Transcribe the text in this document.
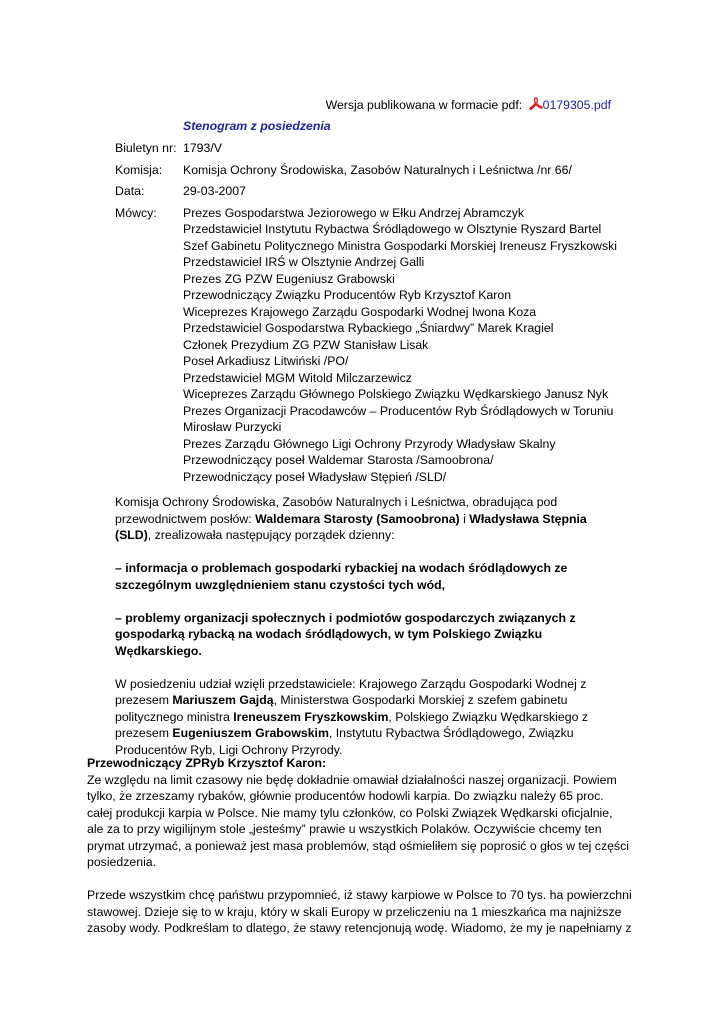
Wersja publikowana w formacie pdf: 0179305.pdf
Stenogram z posiedzenia
Biuletyn nr: 1793/V
Komisja:	Komisja Ochrony Środowiska, Zasobów Naturalnych i Leśnictwa /nr 66/
Data:	29-03-2007
Mówcy:	Prezes Gospodarstwa Jeziorowego w Ełku Andrzej Abramczyk
Przedstawiciel Instytutu Rybactwa Śródlądowego w Olsztynie Ryszard Bartel
Szef Gabinetu Politycznego Ministra Gospodarki Morskiej Ireneusz Fryszkowski
Przedstawiciel IRŚ w Olsztynie Andrzej Galli
Prezes ZG PZW Eugeniusz Grabowski
Przewodniczący Związku Producentów Ryb Krzysztof Karon
Wiceprezes Krajowego Zarządu Gospodarki Wodnej Iwona Koza
Przedstawiciel Gospodarstwa Rybackiego „Śniardwy” Marek Kragiel
Członek Prezydium ZG PZW Stanisław Lisak
Poseł Arkadiusz Litwiński /PO/
Przedstawiciel MGM Witold Milczarzewicz
Wiceprezes Zarządu Głównego Polskiego Związku Wędkarskiego Janusz Nyk
Prezes Organizacji Pracodawców – Producentów Ryb Śródlądowych w Toruniu Mirosław Purzycki
Prezes Zarządu Głównego Ligi Ochrony Przyrody Władysław Skalny
Przewodniczący poseł Waldemar Starosta /Samoobrona/
Przewodniczący poseł Władysław Stępień /SLD/

Komisja Ochrony Środowiska, Zasobów Naturalnych i Leśnictwa, obradująca pod przewodnictwem posłów: Waldemara Starosty (Samoobrona) i Władysława Stępnia (SLD), zrealizowała następujący porządek dzienny:

– informacja o problemach gospodarki rybackiej na wodach śródlądowych ze szczególnym uwzględnieniem stanu czystości tych wód,

– problemy organizacji społecznych i podmiotów gospodarczych związanych z gospodarką rybacką na wodach śródlądowych, w tym Polskiego Związku Wędkarskiego.

W posiedzeniu udział wzięli przedstawiciele: Krajowego Zarządu Gospodarki Wodnej z prezesem Mariuszem Gajdą, Ministerstwa Gospodarki Morskiej z szefem gabinetu politycznego ministra Ireneuszem Fryszkowskim, Polskiego Związku Wędkarskiego z prezesem Eugeniuszem Grabowskim, Instytutu Rybactwa Śródlądowego, Związku Producentów Ryb, Ligi Ochrony Przyrody.

Przewodniczący ZPRyb Krzysztof Karon:

Ze względu na limit czasowy nie będę dokładnie omawiał działalności naszej organizacji. Powiem tylko, że zrzeszamy rybaków, głównie producentów hodowli karpia. Do związku należy 65 proc. całej produkcji karpia w Polsce. Nie mamy tylu członków, co Polski Związek Wędkarski oficjalnie, ale za to przy wigilijnym stole „jesteśmy” prawie u wszystkich Polaków. Oczywiście chcemy ten prymat utrzymać, a ponieważ jest masa problemów, stąd ośmieliłem się poprosić o głos w tej części posiedzenia.

Przede wszystkim chcę państwu przypomnieć, iż stawy karpiowe w Polsce to 70 tys. ha powierzchni stawowej. Dzieje się to w kraju, który w skali Europy w przeliczeniu na 1 mieszkańca ma najniższe zasoby wody. Podkreślam to dlatego, że stawy retencjonują wodę. Wiadomo, że my je napełniamy z
